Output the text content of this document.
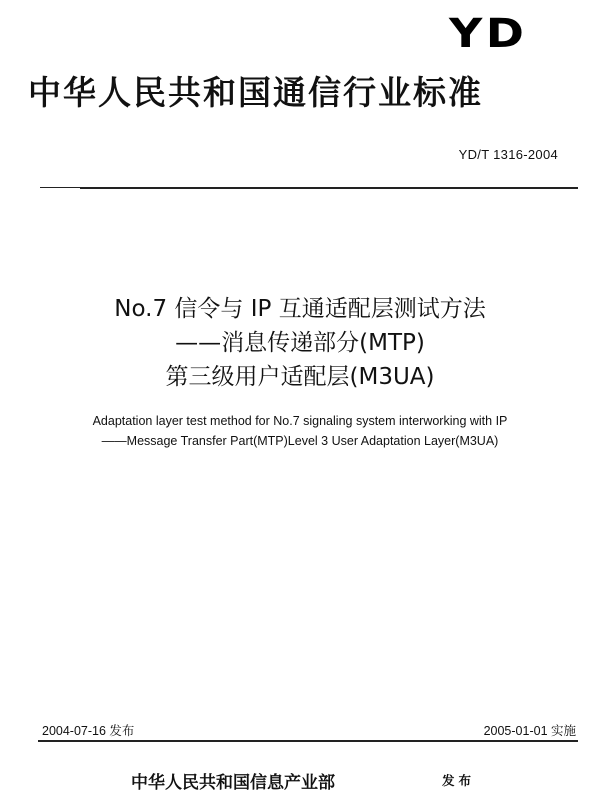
YD
中华人民共和国通信行业标准
YD/T 1316-2004
No.7 信令与 IP 互通适配层测试方法
——消息传递部分(MTP)
第三级用户适配层(M3UA)
Adaptation layer test method for No.7 signaling system interworking with IP
——Message Transfer Part(MTP)Level 3 User Adaptation Layer(M3UA)
2004-07-16 发布	2005-01-01 实施
中华人民共和国信息产业部	发布
